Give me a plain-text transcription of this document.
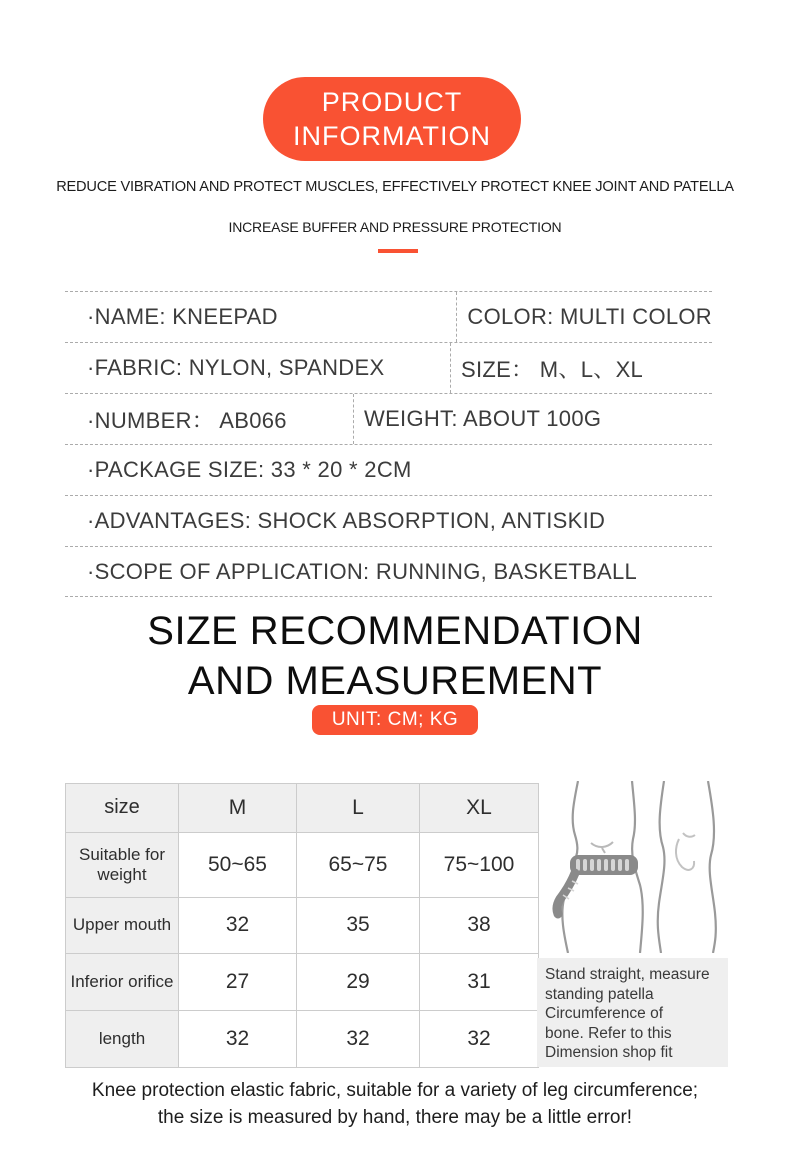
PRODUCT
INFORMATION
REDUCE VIBRATION AND PROTECT MUSCLES, EFFECTIVELY PROTECT KNEE JOINT AND PATELLA
INCREASE BUFFER AND PRESSURE PROTECTION
·NAME: KNEEPAD	COLOR: MULTI COLOR
·FABRIC: NYLON, SPANDEX	SIZE： M、L、XL
·NUMBER： AB066	WEIGHT: ABOUT 100G
·PACKAGE SIZE: 33 * 20 * 2CM
·ADVANTAGES: SHOCK ABSORPTION, ANTISKID
·SCOPE OF APPLICATION: RUNNING, BASKETBALL
SIZE RECOMMENDATION
AND MEASUREMENT
UNIT: CM; KG
size	M	L	XL
Suitable for weight	50~65	65~75	75~100
Upper mouth	32	35	38
Inferior orifice	27	29	31
length	32	32	32
Stand straight, measure
standing patella
Circumference of
bone. Refer to this
Dimension shop fit
Knee protection elastic fabric, suitable for a variety of leg circumference; the size is measured by hand, there may be a little error!
